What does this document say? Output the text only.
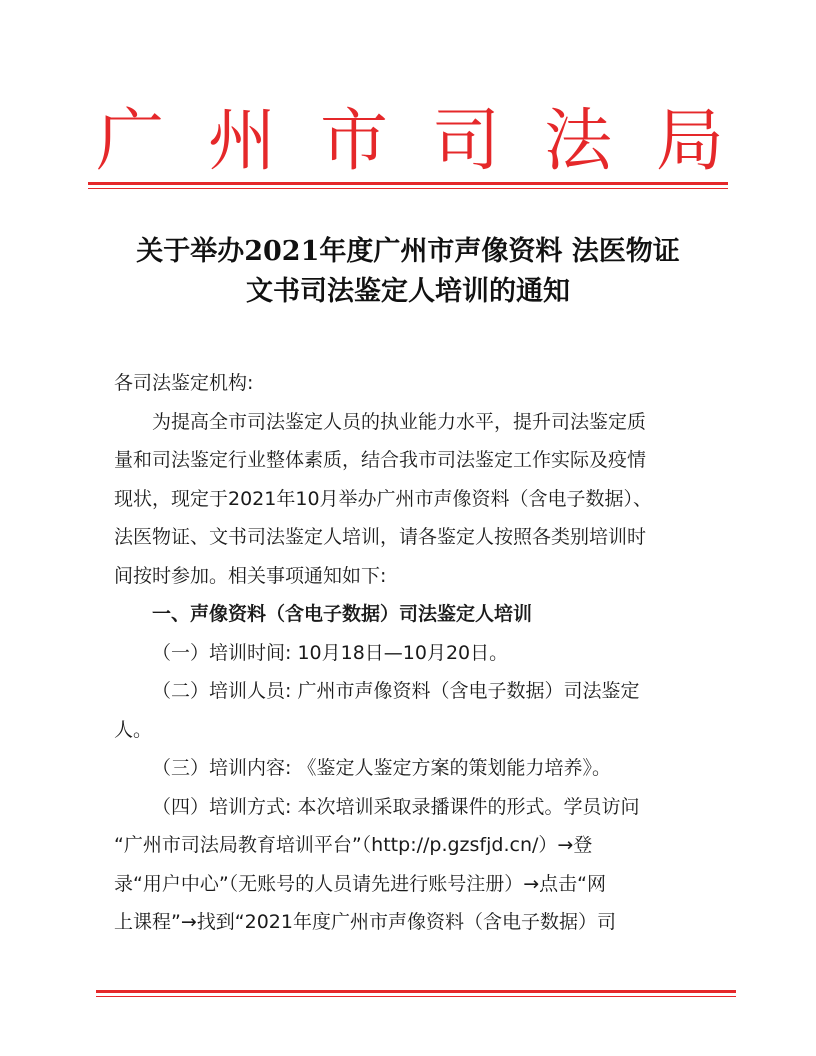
广 州 市 司 法 局
关于举办2021年度广州市声像资料 法医物证
文书司法鉴定人培训的通知
各司法鉴定机构:
为提高全市司法鉴定人员的执业能力水平，提升司法鉴定质
量和司法鉴定行业整体素质，结合我市司法鉴定工作实际及疫情
现状，现定于2021年10月举办广州市声像资料（含电子数据）、
法医物证、文书司法鉴定人培训，请各鉴定人按照各类别培训时
间按时参加。相关事项通知如下:
一、声像资料（含电子数据）司法鉴定人培训
（一）培训时间: 10月18日—10月20日。
（二）培训人员: 广州市声像资料（含电子数据）司法鉴定
人。
（三）培训内容: 《鉴定人鉴定方案的策划能力培养》。
（四）培训方式: 本次培训采取录播课件的形式。学员访问
“广州市司法局教育培训平台”（http://p.gzsfjd.cn/）→登
录“用户中心”（无账号的人员请先进行账号注册）→点击“网
上课程”→找到“2021年度广州市声像资料（含电子数据）司
